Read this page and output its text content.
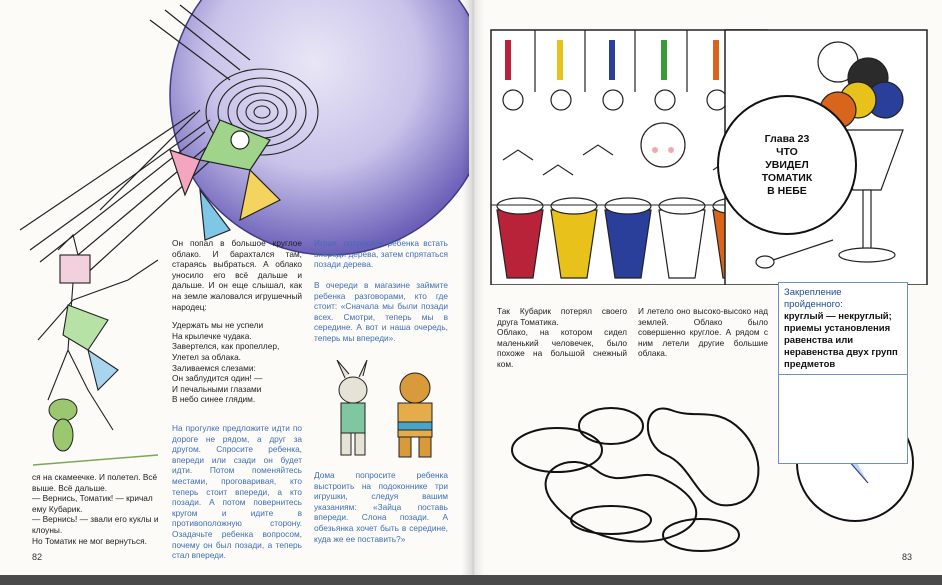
Он попал в большое круглое облако. И барахтался там, стараясь выбраться. А облако уносило его всё дальше и дальше. И он еще слышал, как на земле жаловался игрушечный народец:

Удержать мы не успели

На крылечке чудака.

Завертелся, как пропеллер,

Улетел за облака.

Заливаемся слезами:

Он заблудится один! —

И печальными глазами

В небо синее глядим.

На прогулке предложите идти по дороге не рядом, а друг за другом. Спросите ребенка, впереди или сзади он будет идти. Потом поменяйтесь местами, проговаривая, кто теперь стоит впереди, а кто позади. А потом повернитесь кругом и идите в противоположную сторону. Озадачьте ребенка вопросом, почему он был позади, а теперь стал впереди.
Играя, попросите ребенка встать впереди дерева, затем спрятаться позади дерева.
В очереди в магазине займите ребенка разговорами, кто где стоит: «Сначала мы были позади всех. Смотри, теперь мы в середине. А вот и наша очередь, теперь мы впереди».
Дома попросите ребенка выстроить на подоконнике три игрушки, следуя вашим указаниям: «Зайца поставь впереди. Слона позади. А обезьянка хочет быть в середине, куда же ее поставить?»
ся на скамеечке. И полетел. Всё выше. Всё дальше.
— Вернись, Томатик! — кричал ему Кубарик.
— Вернись! — звали его куклы и клоуны.
Но Томатик не мог вернуться.
82
Так Кубарик потерял своего друга Томатика.
Облако, на котором сидел маленький человечек, было похоже на большой снежный ком.
И летело оно высоко-высоко над землей. Облако было совершенно круглое. А рядом с ним летели другие большие облака.
Глава 23
ЧТО
УВИДЕЛ
ТОМАТИК
В НЕБЕ
Закрепление пройденного:
круглый — некруглый; приемы установления равенства или неравенства двух групп предметов
83
